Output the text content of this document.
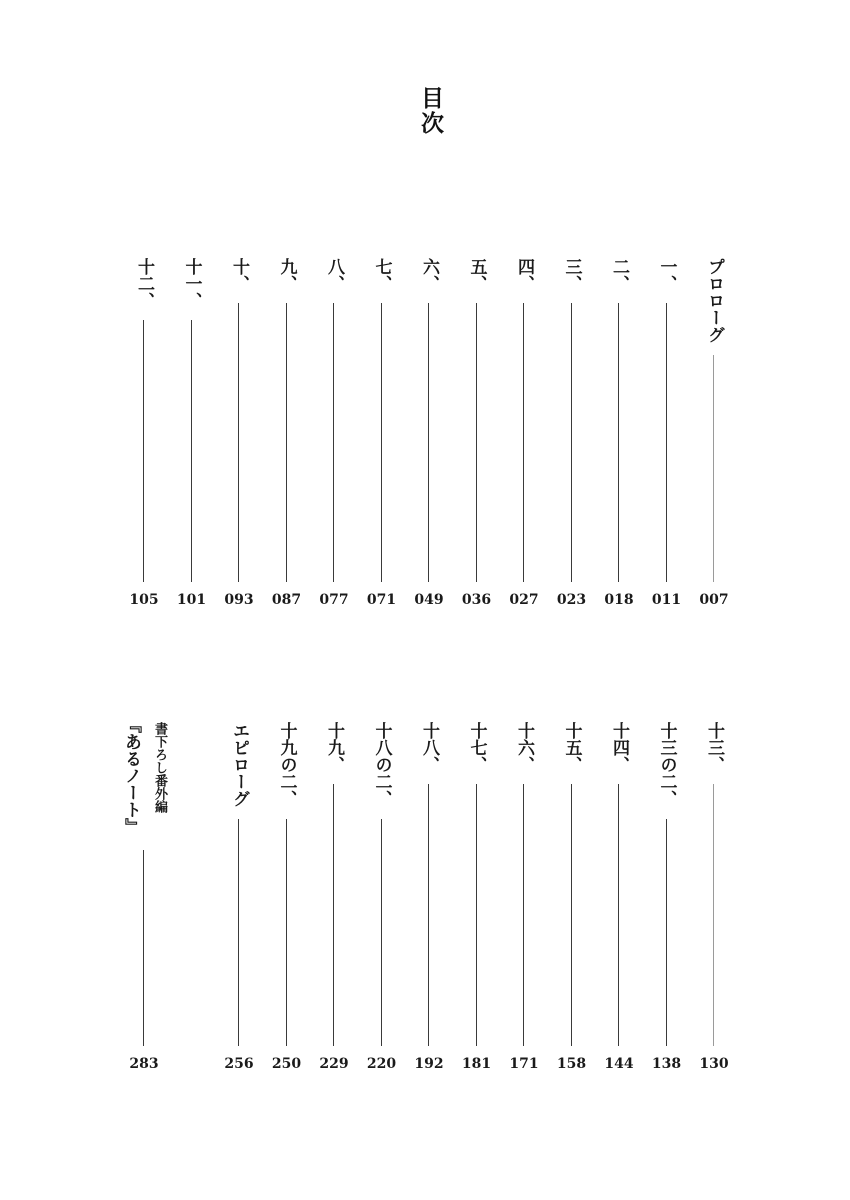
目次
プロローグ
007
一、
011
二、
018
三、
023
四、
027
五、
036
六、
049
七、
071
八、
077
九、
087
十、
093
十一、
101
十二、
105
十三、
130
十三の二、
138
十四、
144
十五、
158
十六、
171
十七、
181
十八、
192
十八の二、
220
十九、
229
十九の二、
250
エピローグ
256
書下ろし番外編
『あるノート』
283
